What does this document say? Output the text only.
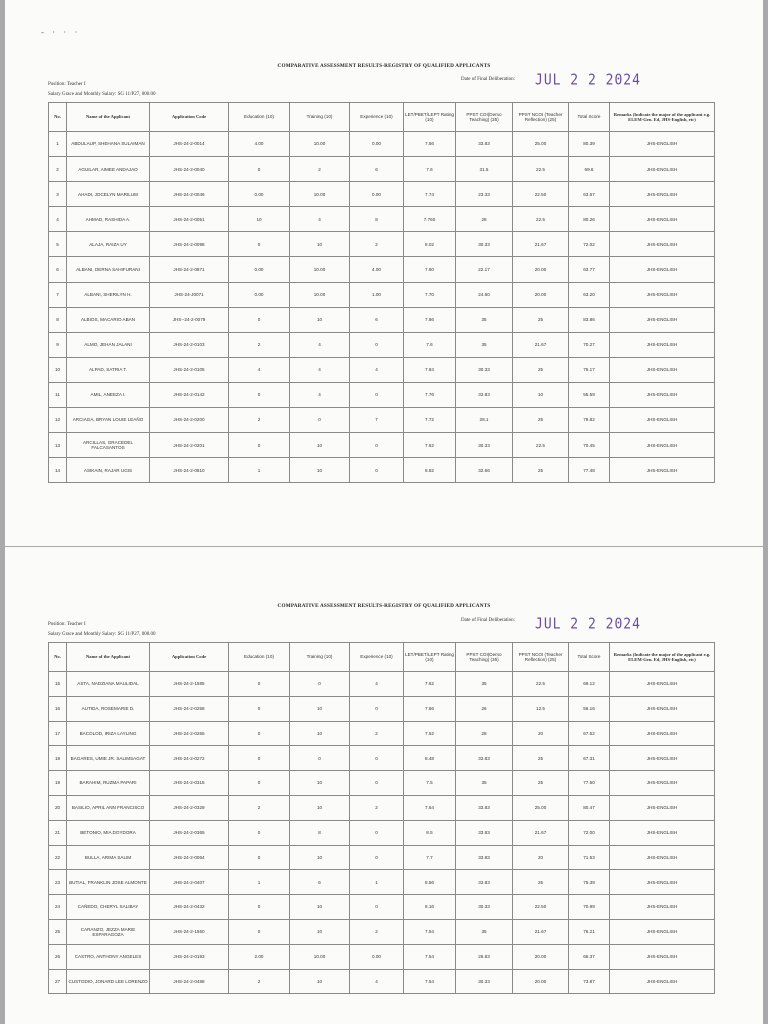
- · · ·
COMPARATIVE ASSESSMENT RESULTS-REGISTRY OF QUALIFIED APPLICANTS
Position: Teacher I
Salary Grace and Monthly Salary: SG 11/P27, 000.00
Date of Final Deliberation: JUL 2 2 2024
No.	Name of the Applicant	Application Code	Education (10)	Training (10)	Experience (10)	LET/PBET/LEPT Rating (10)	PPST COI(Demo Teaching) (35)	PPST NCOI (Teacher Reflection) (25)	Total Score	Remarks (Indicate the major of the applicant e.g. ELEM-Gen. Ed, JHS-English, etc)
1	ABDULAUP, SHEHANA SULAIMAN	JHS-24-2-0014	4.00	10.00	0.00	7.56	33.83	25.00	80.39	JHS-ENGLISH
2	AGUILAR, AIMEE ANDAJAO	JHS-24-2-0040	0	2	6	7.6	31.5	22.5	69.6	JHS-ENGLISH
3	AHADI, JOCELYN MARILUM	JHS-24-2-0046	0.00	10.00	0.00	7.74	23.33	22.50	63.57	JHS-ENGLISH
4	AHMAD, RASHIDA A.	JHS-24-2-0051	10	4	8	7.760	28	22.5	80.26	JHS-ENGLISH
5	ALAJA, RAIZA UY	JHS-24-2-0098	0	10	2	8.02	30.33	21.67	72.02	JHS-ENGLISH
6	ALBANI, DERNA SAHIFURANI	JHS-24-2-0871	0.00	10.00	4.00	7.60	22.17	20.00	63.77	JHS-ENGLISH
7	ALBANI, SHERILYN H.	JHS-24-J0071	0.00	10.00	1.00	7.70	24.50	20.00	63.20	JHS-ENGLISH
8	ALBIOS, MACARIO ABAN	JHS--24-2-0079	0	10	6	7.86	35	25	83.86	JHS-ENGLISH
9	ALMO, JEHAN JALANI	JHS-24-2-0103	2	4	0	7.6	35	21.67	70.27	JHS-ENGLISH
10	ALPAD, SATRIA T.	JHS-24-2-0105	4	4	4	7.84	30.33	25	75.17	JHS-ENGLISH
11	AMIL, ANEEZA I.	JHS-24-2-0142	0	4	0	7.76	33.83	10	55.59	JHS-ENGLISH
12	ARCIAGA, BRYAN LOUIE LEAÑO	JHS-24-2-0200	2	0	7	7.72	28.1	25	79.82	JHS-ENGLISH
13	ARCILLAS, GRACEDEL FALCASANTOS	JHS-24-2-0201	0	10	0	7.62	30.33	22.5	70.45	JHS-ENGLISH
14	ASIKAIN, RAJAR UGIS	JHS-24-2-0810	1	10	0	8.82	32.66	25	77.48	JHS-ENGLISH
COMPARATIVE ASSESSMENT RESULTS-REGISTRY OF QUALIFIED APPLICANTS
Position: Teacher I
Salary Grace and Monthly Salary: SG 11/P27, 000.00
Date of Final Deliberation: JUL 2 2 2024
No.	Name of the Applicant	Application Code	Education (10)	Training (10)	Experience (10)	LET/PBET/LEPT Rating (10)	PPST COI(Demo Teaching) (35)	PPST NCOI (Teacher Reflection) (25)	Total Score	Remarks (Indicate the major of the applicant e.g. ELEM-Gen. Ed, JHS-English, etc)
15	ASTA, NADZIANA MAULIDAL	JHS-24-2-1585	0	0	4	7.62	35	22.5	69.12	JHS-ENGLISH
16	AUTIDA, ROSEMARIE D.	JHS-24-2-0258	0	10	0	7.66	26	12.5	56.16	JHS-ENGLISH
17	BACOLOD, IRIZA LAYLING	JHS-24-2-0265	0	10	2	7.52	28	20	67.52	JHS-ENGLISH
18	BAGARES, UMIE JR. SALIMSAGAT	JHS-24-2-0272	0	0	0	8.48	33.83	25	67.31	JHS-ENGLISH
19	BARAHIM, RUZMA PAPARI	JHS-24-2-0315	0	10	0	7.5	35	25	77.50	JHS-ENGLISH
20	BASILIO, APRIL ANN FRANCISCO	JHS-24-2-0329	2	10	2	7.64	33.83	25.00	80.47	JHS-ENGLISH
21	BETONIO, MIA DOYDORA	JHS-24-2-0365	0	8	0	8.5	33.83	21.67	72.00	JHS-ENGLISH
22	BULLA, ARIMA SALIM	JHS-24-2-0064	0	10	0	7.7	33.83	20	71.53	JHS-ENGLISH
23	BUTIAL, FRANKLIN JOSE ALMONTE	JHS-24-2-0407	1	6	1	8.56	33.83	25	75.39	JHS-ENGLISH
24	CAÑEDO, CHERYL SALIBAY	JHS-24-2-0432	0	10	0	8.16	30.33	22.50	70.99	JHS-ENGLISH
25	CARANZO, JEZZA MARIE ESPARAGOZA	JHS-24-2-1560	0	10	2	7.54	35	21.67	76.21	JHS-ENGLISH
26	CASTRO, ANTHONY ANGELES	JHS-24-2-0193	2.00	10.00	0.00	7.54	26.83	20.00	66.37	JHS-ENGLISH
27	CUSTODIO, JONARD LEE LORENZO	JHS-24-2-0488	2	10	4	7.54	30.33	20.00	73.87	JHS-ENGLISH
